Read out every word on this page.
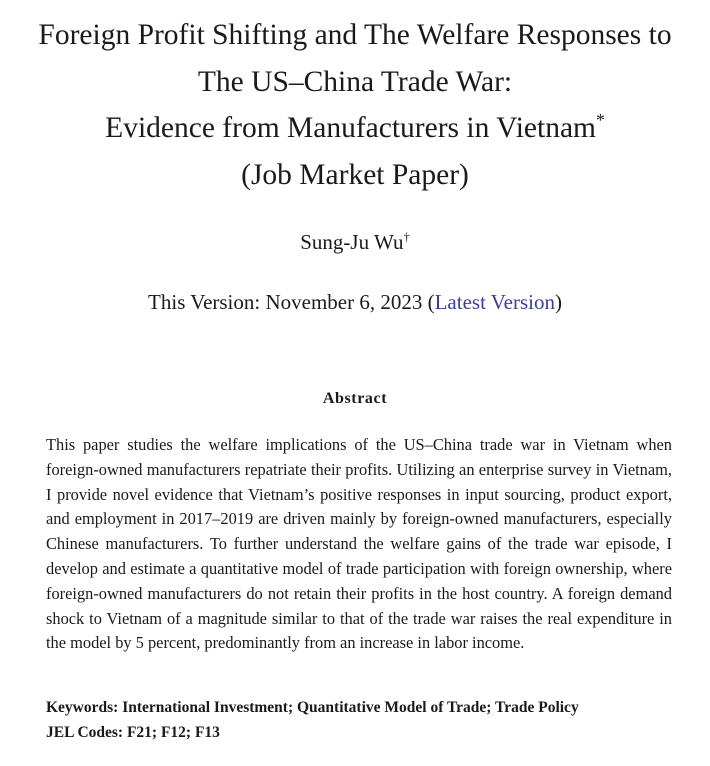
Foreign Profit Shifting and The Welfare Responses to
The US–China Trade War:
Evidence from Manufacturers in Vietnam*
(Job Market Paper)
Sung-Ju Wu†
This Version: November 6, 2023 (Latest Version)
Abstract

This paper studies the welfare implications of the US–China trade war in Vietnam when foreign-owned manufacturers repatriate their profits. Utilizing an enterprise survey in Vietnam, I provide novel evidence that Vietnam’s positive responses in input sourcing, product export, and employment in 2017–2019 are driven mainly by foreign-owned manufacturers, especially Chinese manufacturers. To further understand the welfare gains of the trade war episode, I develop and estimate a quantitative model of trade participation with foreign ownership, where foreign-owned manufacturers do not retain their profits in the host country. A foreign demand shock to Vietnam of a magnitude similar to that of the trade war raises the real expenditure in the model by 5 percent, predominantly from an increase in labor income.

Keywords: International Investment; Quantitative Model of Trade; Trade Policy
JEL Codes: F21; F12; F13
